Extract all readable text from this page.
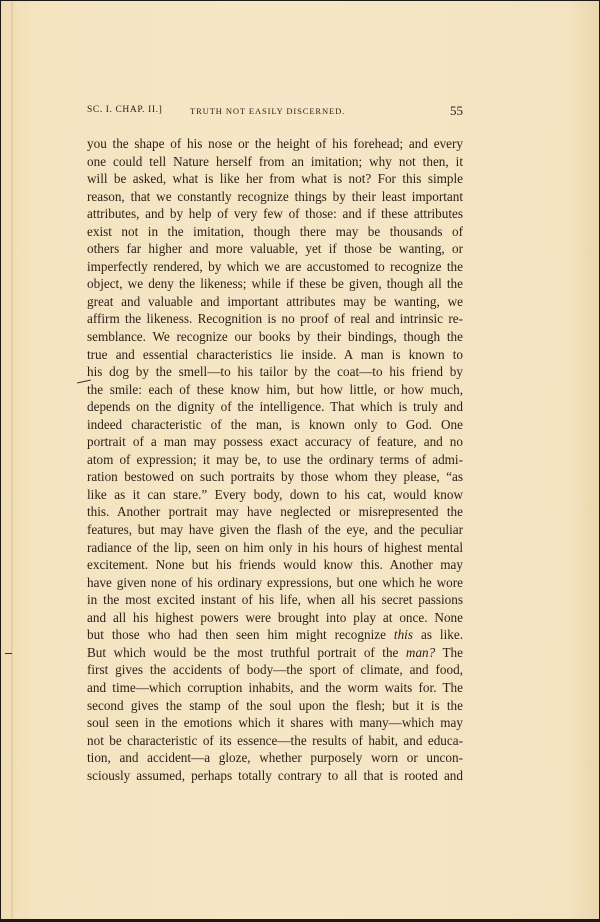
SC. I. CHAP. II.]	TRUTH NOT EASILY DISCERNED.	55
you the shape of his nose or the height of his forehead; and every
one could tell Nature herself from an imitation; why not then, it
will be asked, what is like her from what is not? For this simple
reason, that we constantly recognize things by their least important
attributes, and by help of very few of those: and if these attributes
exist not in the imitation, though there may be thousands of
others far higher and more valuable, yet if those be wanting, or
imperfectly rendered, by which we are accustomed to recognize the
object, we deny the likeness; while if these be given, though all the
great and valuable and important attributes may be wanting, we
affirm the likeness. Recognition is no proof of real and intrinsic re-
semblance. We recognize our books by their bindings, though the
true and essential characteristics lie inside. A man is known to
his dog by the smell—to his tailor by the coat—to his friend by
the smile: each of these know him, but how little, or how much,
depends on the dignity of the intelligence. That which is truly and
indeed characteristic of the man, is known only to God. One
portrait of a man may possess exact accuracy of feature, and no
atom of expression; it may be, to use the ordinary terms of admi-
ration bestowed on such portraits by those whom they please, “as
like as it can stare.” Every body, down to his cat, would know
this. Another portrait may have neglected or misrepresented the
features, but may have given the flash of the eye, and the peculiar
radiance of the lip, seen on him only in his hours of highest mental
excitement. None but his friends would know this. Another may
have given none of his ordinary expressions, but one which he wore
in the most excited instant of his life, when all his secret passions
and all his highest powers were brought into play at once. None
but those who had then seen him might recognize this as like.
But which would be the most truthful portrait of the man? The
first gives the accidents of body—the sport of climate, and food,
and time—which corruption inhabits, and the worm waits for. The
second gives the stamp of the soul upon the flesh; but it is the
soul seen in the emotions which it shares with many—which may
not be characteristic of its essence—the results of habit, and educa-
tion, and accident—a gloze, whether purposely worn or uncon-
sciously assumed, perhaps totally contrary to all that is rooted and
